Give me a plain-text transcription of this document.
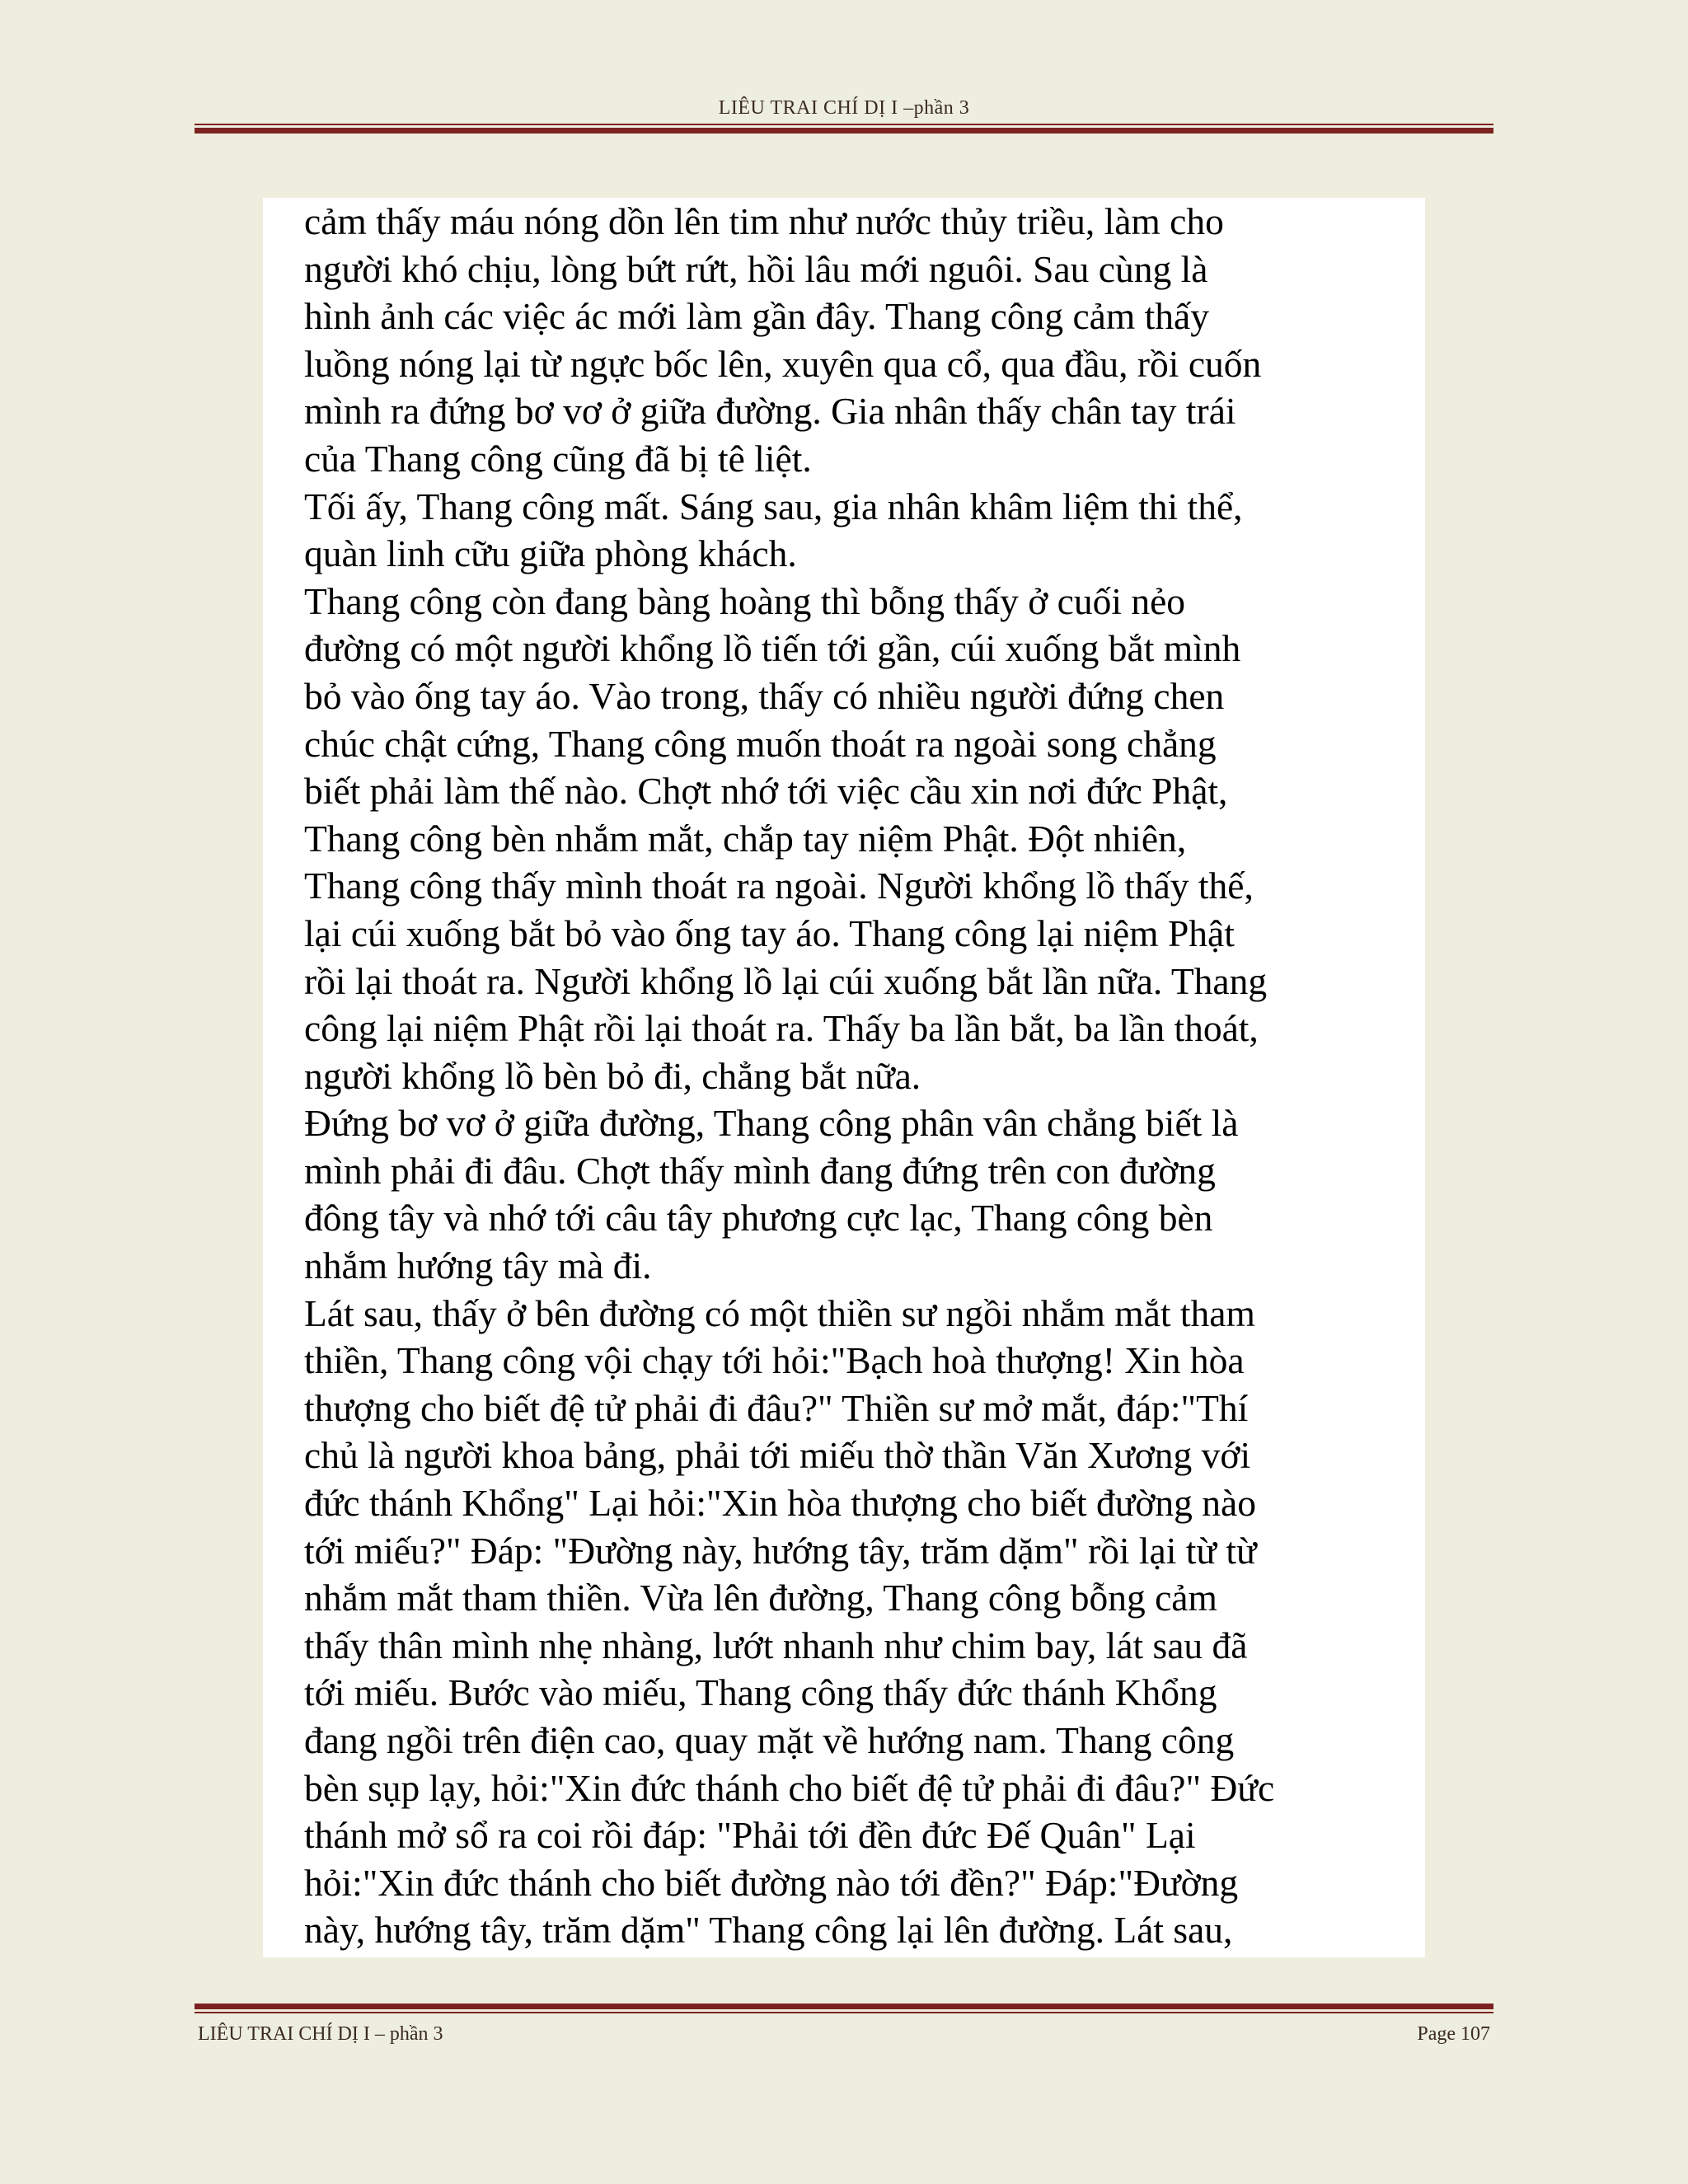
LIÊU TRAI CHÍ DỊ I –phần 3
cảm thấy máu nóng dồn lên tim như nước thủy triều, làm cho
người khó chịu, lòng bứt rứt, hồi lâu mới nguôi. Sau cùng là
hình ảnh các việc ác mới làm gần đây. Thang công cảm thấy
luồng nóng lại từ ngực bốc lên, xuyên qua cổ, qua đầu, rồi cuốn
mình ra đứng bơ vơ ở giữa đường. Gia nhân thấy chân tay trái
của Thang công cũng đã bị tê liệt.
Tối ấy, Thang công mất. Sáng sau, gia nhân khâm liệm thi thể,
quàn linh cữu giữa phòng khách.
Thang công còn đang bàng hoàng thì bỗng thấy ở cuối nẻo
đường có một người khổng lồ tiến tới gần, cúi xuống bắt mình
bỏ vào ống tay áo. Vào trong, thấy có nhiều người đứng chen
chúc chật cứng, Thang công muốn thoát ra ngoài song chẳng
biết phải làm thế nào. Chợt nhớ tới việc cầu xin nơi đức Phật,
Thang công bèn nhắm mắt, chắp tay niệm Phật. Đột nhiên,
Thang công thấy mình thoát ra ngoài. Người khổng lồ thấy thế,
lại cúi xuống bắt bỏ vào ống tay áo. Thang công lại niệm Phật
rồi lại thoát ra. Người khổng lồ lại cúi xuống bắt lần nữa. Thang
công lại niệm Phật rồi lại thoát ra. Thấy ba lần bắt, ba lần thoát,
người khổng lồ bèn bỏ đi, chẳng bắt nữa.
Đứng bơ vơ ở giữa đường, Thang công phân vân chẳng biết là
mình phải đi đâu. Chợt thấy mình đang đứng trên con đường
đông tây và nhớ tới câu tây phương cực lạc, Thang công bèn
nhắm hướng tây mà đi.
Lát sau, thấy ở bên đường có một thiền sư ngồi nhắm mắt tham
thiền, Thang công vội chạy tới hỏi:"Bạch hoà thượng! Xin hòa
thượng cho biết đệ tử phải đi đâu?" Thiền sư mở mắt, đáp:"Thí
chủ là người khoa bảng, phải tới miếu thờ thần Văn Xương với
đức thánh Khổng" Lại hỏi:"Xin hòa thượng cho biết đường nào
tới miếu?" Đáp: "Đường này, hướng tây, trăm dặm" rồi lại từ từ
nhắm mắt tham thiền. Vừa lên đường, Thang công bỗng cảm
thấy thân mình nhẹ nhàng, lướt nhanh như chim bay, lát sau đã
tới miếu. Bước vào miếu, Thang công thấy đức thánh Khổng
đang ngồi trên điện cao, quay mặt về hướng nam. Thang công
bèn sụp lạy, hỏi:"Xin đức thánh cho biết đệ tử phải đi đâu?" Đức
thánh mở sổ ra coi rồi đáp: "Phải tới đền đức Đế Quân" Lại
hỏi:"Xin đức thánh cho biết đường nào tới đền?" Đáp:"Đường
này, hướng tây, trăm dặm" Thang công lại lên đường. Lát sau,
LIÊU TRAI CHÍ DỊ I – phần 3	Page 107
